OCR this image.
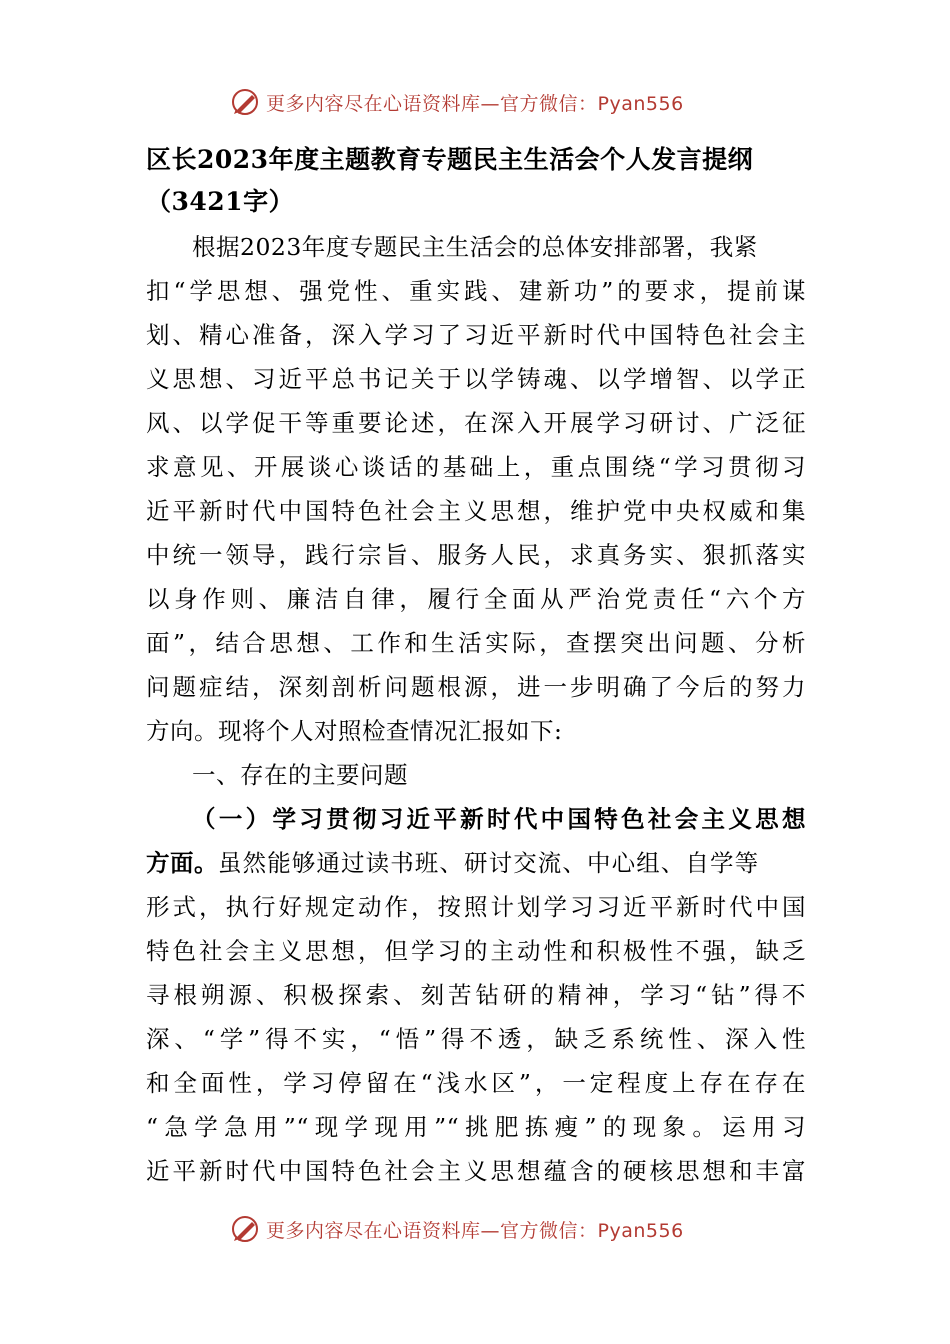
更多内容尽在心语资料库—官方微信：Pyan556
区长2023年度主题教育专题民主生活会个人发言提纲
（3421字）
根据2023年度专题民主生活会的总体安排部署，我紧
扣“学思想、强党性、重实践、建新功”的要求，提前谋
划、精心准备，深入学习了习近平新时代中国特色社会主
义思想、习近平总书记关于以学铸魂、以学增智、以学正
风、以学促干等重要论述，在深入开展学习研讨、广泛征
求意见、开展谈心谈话的基础上，重点围绕“学习贯彻习
近平新时代中国特色社会主义思想，维护党中央权威和集
中统一领导，践行宗旨、服务人民，求真务实、狠抓落实
以身作则、廉洁自律，履行全面从严治党责任“六个方
面”，结合思想、工作和生活实际，查摆突出问题、分析
问题症结，深刻剖析问题根源，进一步明确了今后的努力
方向。现将个人对照检查情况汇报如下:
一、存在的主要问题
（一）学习贯彻习近平新时代中国特色社会主义思想
方面。虽然能够通过读书班、研讨交流、中心组、自学等
形式，执行好规定动作，按照计划学习习近平新时代中国
特色社会主义思想，但学习的主动性和积极性不强，缺乏
寻根朔源、积极探索、刻苦钻研的精神，学习“钻”得不
深、“学”得不实，“悟”得不透，缺乏系统性、深入性
和全面性，学习停留在“浅水区”，一定程度上存在存在
“急学急用”“现学现用”“挑肥拣瘦”的现象。运用习
近平新时代中国特色社会主义思想蕴含的硬核思想和丰富
更多内容尽在心语资料库—官方微信：Pyan556
